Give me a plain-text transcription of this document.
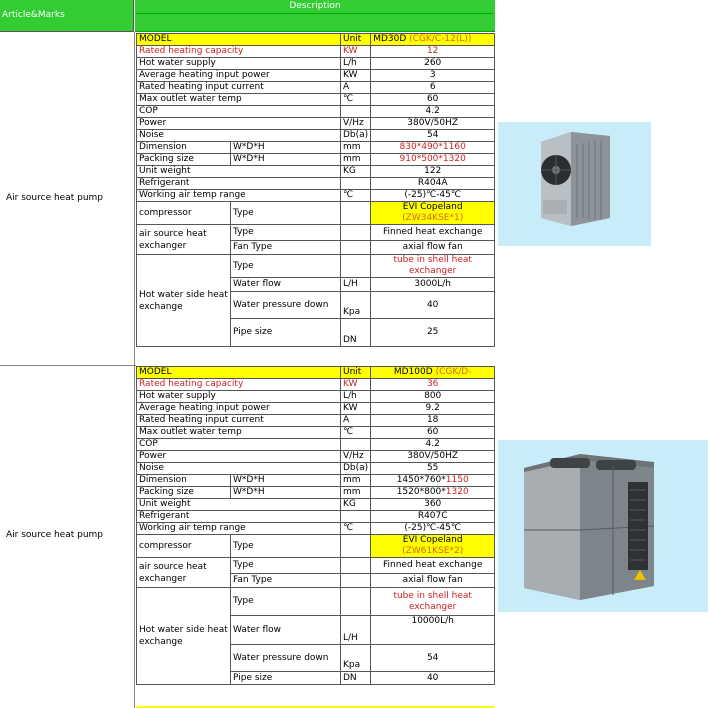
Article&Marks
Description
Air source heat pump
Air source heat pump
MODEL		Unit	MD30D (CGK/C-12(L))
Rated heating capacity		KW	12
Hot water supply		L/h	260
Average heating input power		KW	3
Rated heating input current		A	6
Max outlet water temp		℃	60
COP			4.2
Power		V/Hz	380V/50HZ
Noise		Db(a)	54
Dimension	W*D*H	mm	830*490*1160
Packing size	W*D*H	mm	910*500*1320
Unit weight		KG	122
Refrigerant			R404A
Working air temp range		℃	(-25)℃-45℃
compressor	Type		EVI Copeland
(ZW34KSE*1)

air source heat exchanger	Type		Finned heat exchange
	Fan Type		axial flow fan
Hot water side heat exchange	Type		tube in shell heat
exchanger

	Water flow	L/H	3000L/h
	Water pressure down	Kpa	40
	Pipe size	DN	25
MODEL		Unit	MD100D (CGK/D-
Rated heating capacity		KW	36
Hot water supply		L/h	800
Average heating input power		KW	9.2
Rated heating input current		A	18
Max outlet water temp		℃	60
COP			4.2
Power		V/Hz	380V/50HZ
Noise		Db(a)	55
Dimension	W*D*H	mm	1450*760*1150
Packing size	W*D*H	mm	1520*800*1320
Unit weight		KG	360
Refrigerant			R407C
Working air temp range		℃	(-25)℃-45℃
compressor	Type		EVI Copeland
(ZW61KSE*2)

air source heat exchanger	Type		Finned heat exchange
	Fan Type		axial flow fan
Hot water side heat exchange	Type		tube in shell heat
exchanger

	Water flow	L/H	10000L/h
	Water pressure down	Kpa	54
	Pipe size	DN	40
